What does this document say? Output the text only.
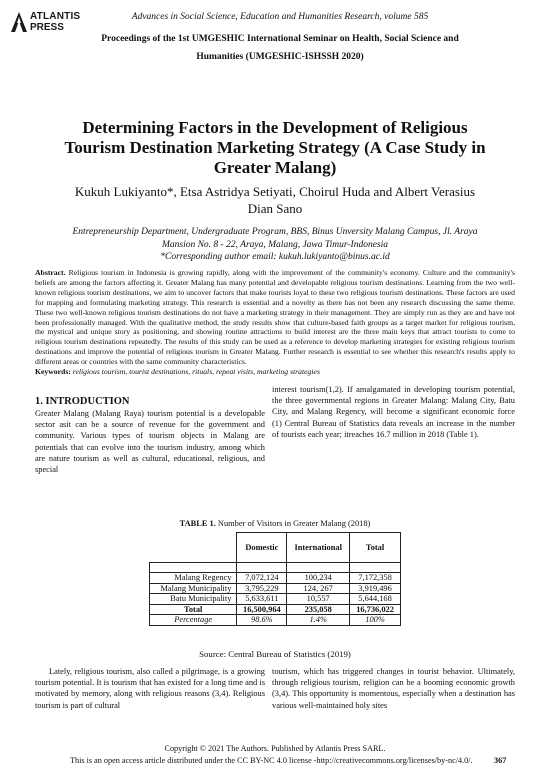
ATLANTIS
PRESS
Advances in Social Science, Education and Humanities Research, volume 585
Proceedings of the 1st UMGESHIC International Seminar on Health, Social Science and
Humanities (UMGESHIC-ISHSSH 2020)
Determining Factors in the Development of Religious
Tourism Destination Marketing Strategy (A Case Study in
Greater Malang)
Kukuh Lukiyanto*, Etsa Astridya Setiyati, Choirul Huda and Albert Verasius
Dian Sano
Entrepreneurship Department, Undergraduate Program, BBS, Binus Unversity Malang Campus, Jl. Araya
Mansion No. 8 - 22, Araya, Malang, Jawa Timur-Indonesia
*Corresponding author email: kukuh.lukiyanto@binus.ac.id
Abstract. Religious tourism in Indonesia is growing rapidly, along with the improvement of the community's economy. Culture and the community's beliefs are among the factors affecting it. Greater Malang has many potential and developable religious tourism destinations. Learning from the two well-known religious tourism destinations, we aim to uncover factors that make tourists loyal to these two religious tourism destinations. These factors are used for mapping and formulating marketing strategy. This research is essential and a novelty as there has not been any research discussing the same theme. These two well-known religious tourism destinations do not have a marketing strategy in their management. They are simply run as they are and have not been professionally managed. With the qualitative method, the study results show that culture-based faith groups as a target market for religious tourism, the mystical and unique story as positioning, and showing routine attractions to build interest are the three main keys that attract tourists to come to religious tourism destinations repeatedly. The results of this study can be used as a reference to develop marketing strategies for existing religious tourism destinations and improve the potential of religious tourism in Greater Malang. Further research is essential to see whether this research's results apply to different areas or countries with the same community characteristics.
Keywords: religious tourism, tourist destinations, rituals, repeat visits, marketing strategies
interest tourism(1,2). If amalgamated in developing tourism potential, the three governmental regions in Greater Malang: Malang City, Batu City, and Malang Regency, will become a significant economic force (1) Central Bureau of Statistics data reveals an increase in the number of tourists each year; itreaches 16.7 million in 2018 (Table 1).
1. INTRODUCTION
Greater Malang (Malang Raya) tourism potential is a developable sector asit can be a source of revenue for the government and community. Various types of tourism objects in Malang are potentials that can evolve into the tourism industry, among which are nature tourism as well as cultural, educational, religious, and special
TABLE 1. Number of Visitors in Greater Malang (2018)
	Domestic	International	Total

Malang Regency	7,072,124	100,234	7,172,358
Malang Municipality	3,795,229	124, 267	3,919,496
Batu Municipality	5,633,611	10,557	5,644,168
Total	16,500,964	235,058	16,736,022
Percentage	98.6%	1.4%	100%
Source: Central Bureau of Statistics (2019)
Lately, religious tourism, also called a pilgrimage, is a growing tourism potential. It is tourism that has existed for a long time and is motivated by memory, along with religious reasons (3,4). Religious tourism is part of cultural
tourism, which has triggered changes in tourist behavior. Ultimately, through religious tourism, religion can be a booming economic growth (3,4). This opportunity is momentous, especially when a destination has various well-maintained holy sites
Copyright © 2021 The Authors. Published by Atlantis Press SARL.
This is an open access article distributed under the CC BY-NC 4.0 license -http://creativecommons.org/licenses/by-nc/4.0/.	367
